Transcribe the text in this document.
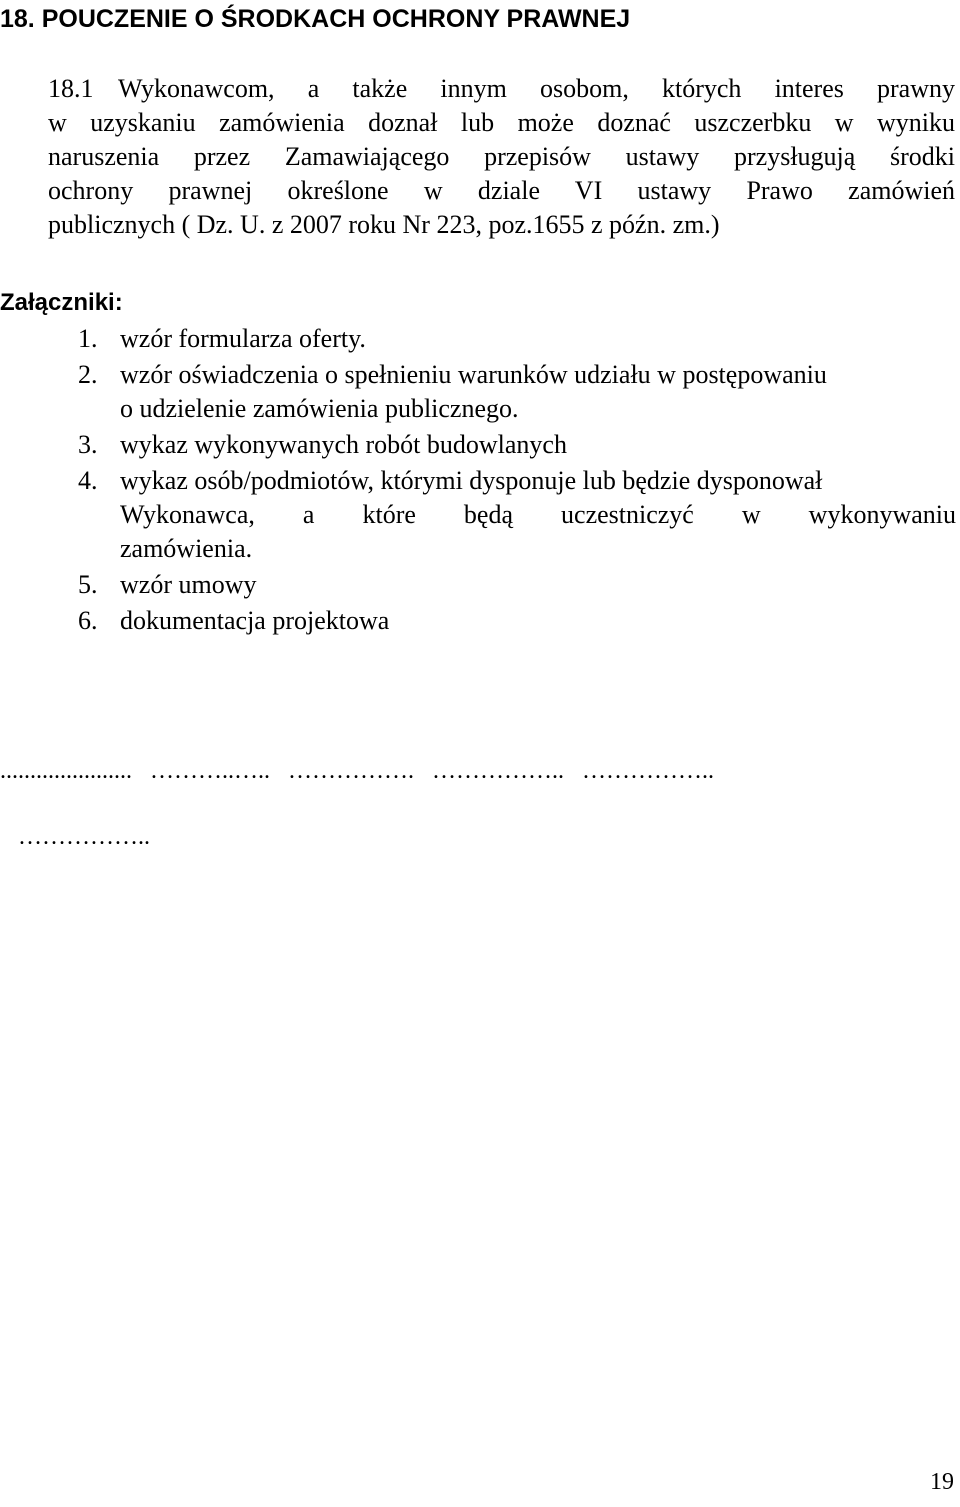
18. POUCZENIE O ŚRODKACH OCHRONY PRAWNEJ
18.1 Wykonawcom, a także innym osobom, których interes prawny
w uzyskaniu zamówienia doznał lub może doznać uszczerbku w wyniku
naruszenia przez Zamawiającego przepisów ustawy przysługują środki
ochrony prawnej określone w dziale VI ustawy Prawo zamówień
publicznych ( Dz. U. z 2007 roku Nr 223, poz.1655 z późn. zm.)
Załączniki:
1. wzór formularza oferty.
2. wzór oświadczenia o spełnieniu warunków udziału w postępowaniu
o udzielenie zamówienia publicznego.
3. wykaz wykonywanych robót budowlanych
4. wykaz osób/podmiotów, którymi dysponuje lub będzie dysponował
Wykonawca, a które będą uczestniczyć w wykonywaniu
zamówienia.
5. wzór umowy
6. dokumentacja projektowa
......................   ………..…..   …………….   ……………..   ……………..
……………..
19
